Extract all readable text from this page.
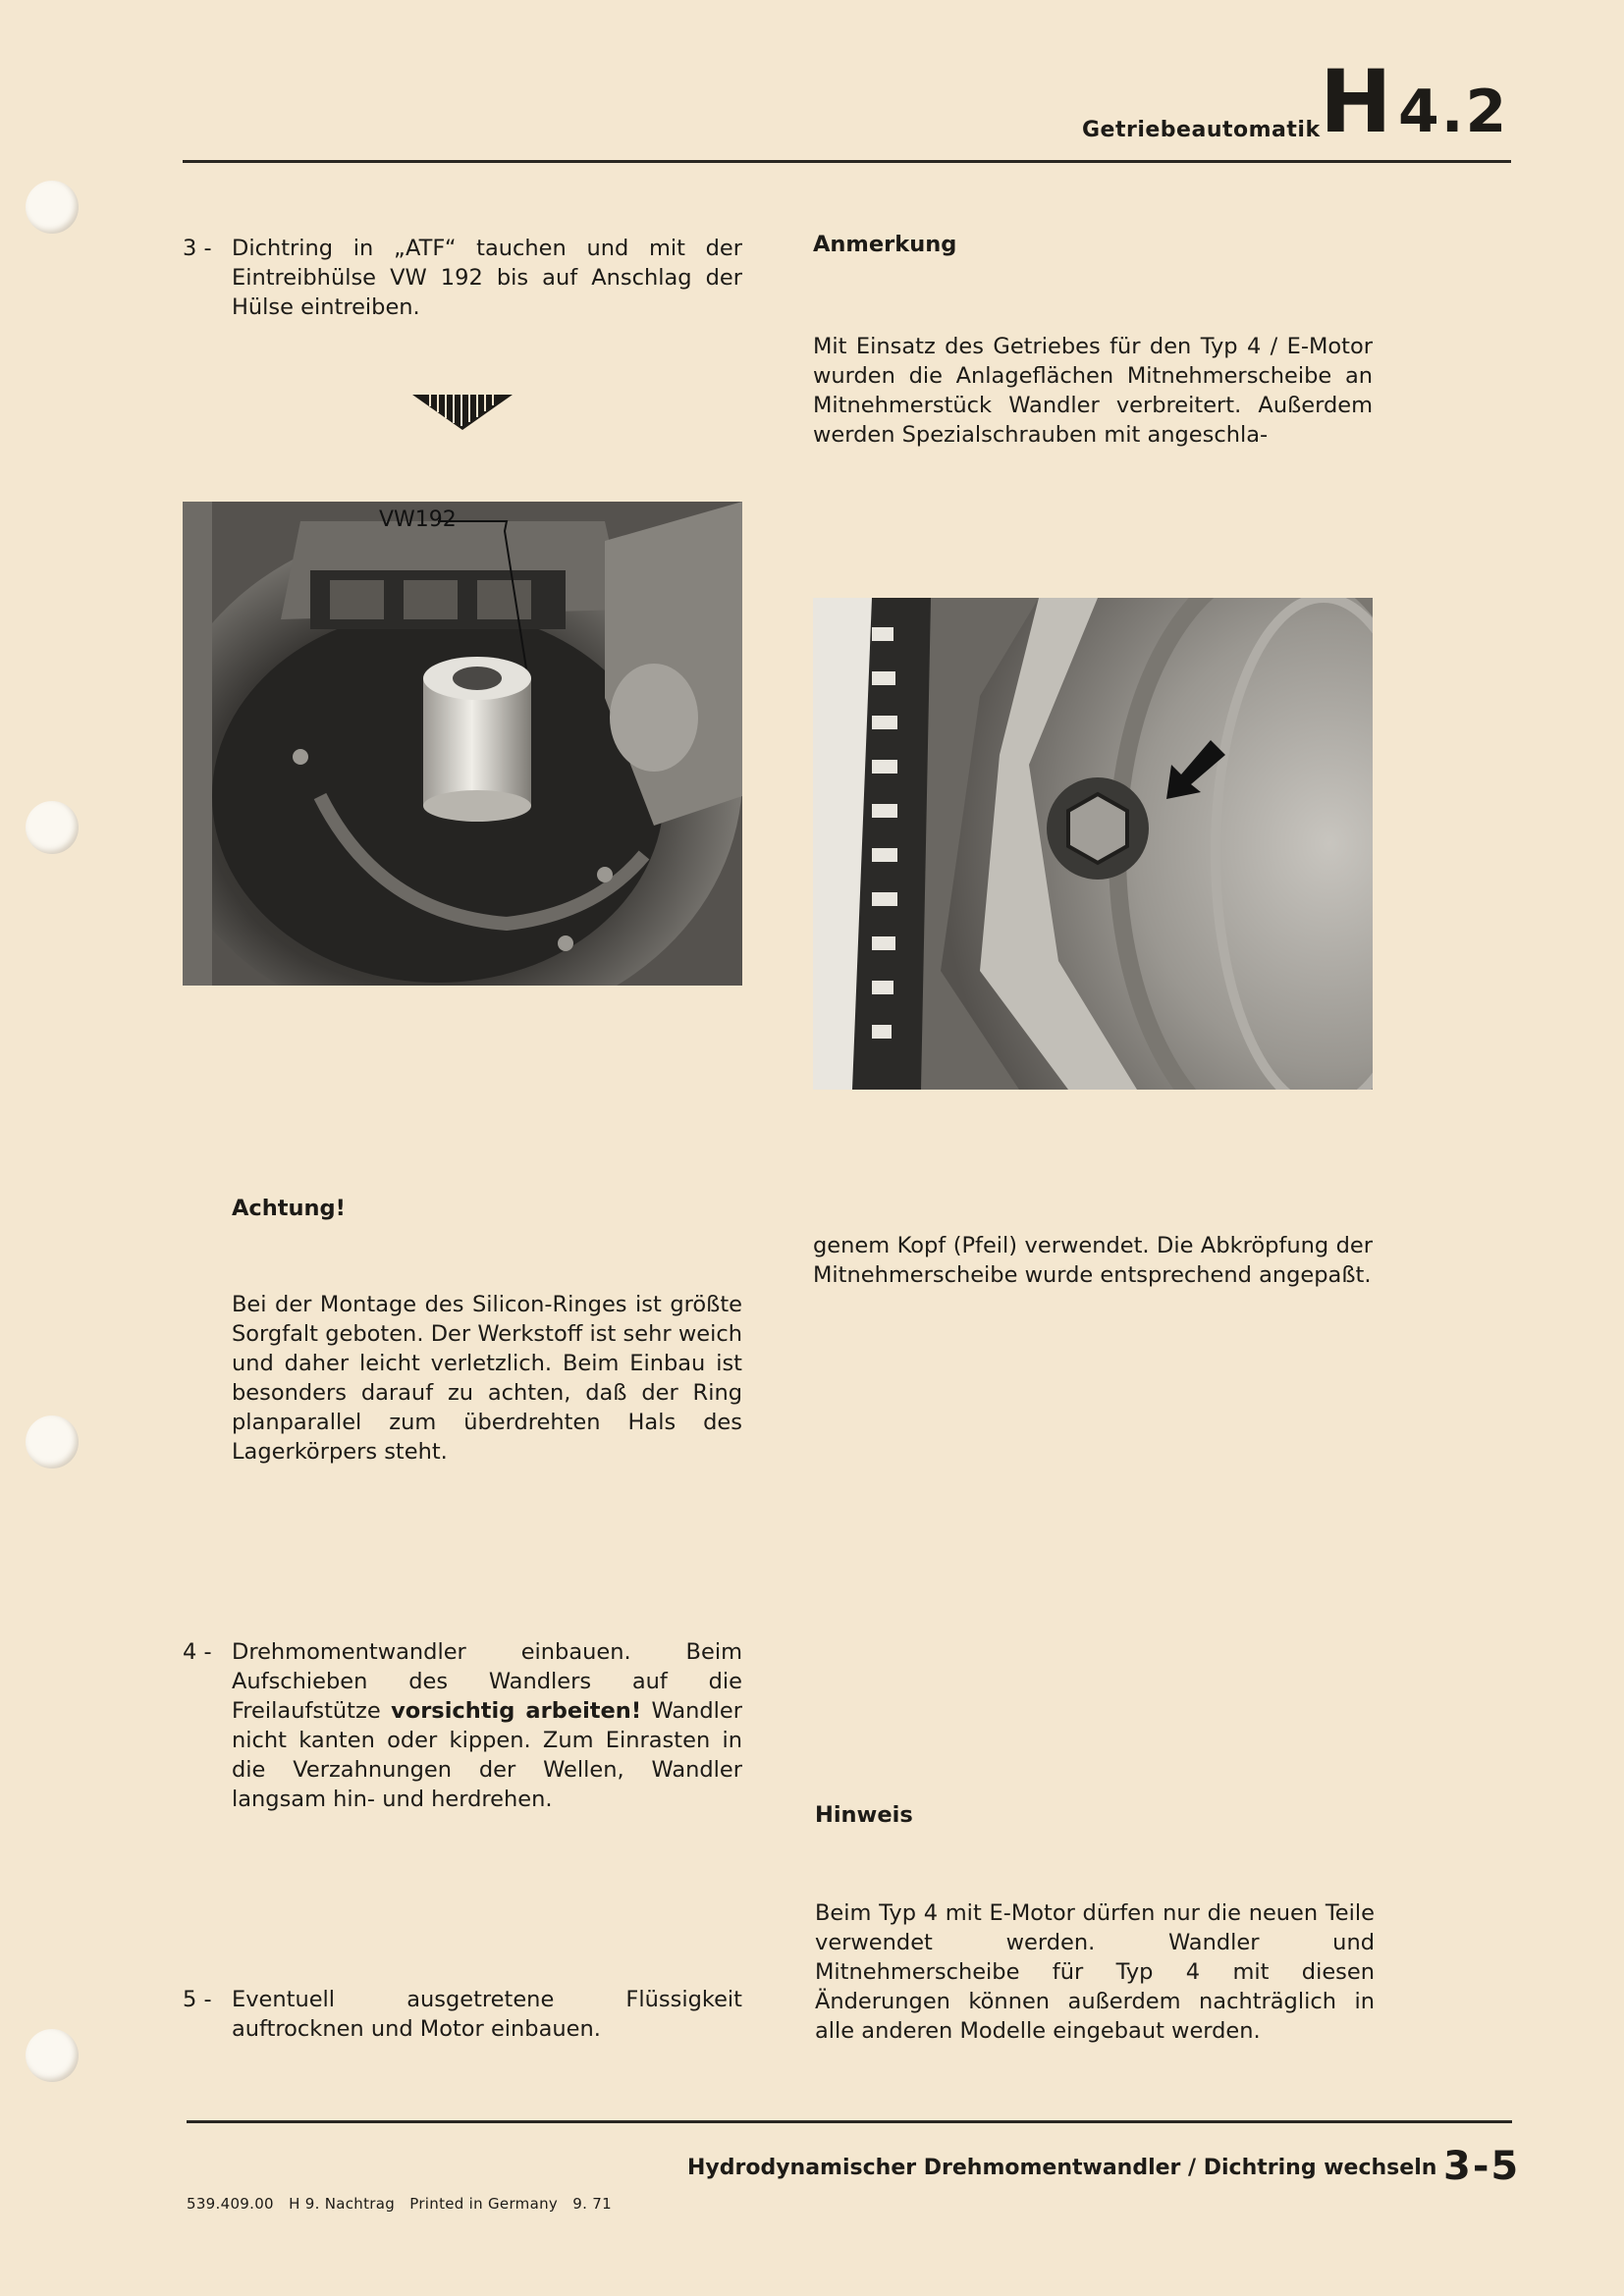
Getriebeautomatik H 4.2
3 - Dichtring in „ATF“ tauchen und mit der Eintreibhülse VW 192 bis auf Anschlag der Hülse eintreiben.
VW192
Achtung!
Bei der Montage des Silicon-Ringes ist größte Sorgfalt geboten. Der Werkstoff ist sehr weich und daher leicht verletzlich. Beim Einbau ist besonders darauf zu achten, daß der Ring planparallel zum überdrehten Hals des Lagerkörpers steht.
4 - Drehmomentwandler einbauen. Beim Aufschieben des Wandlers auf die Freilaufstütze vorsichtig arbeiten! Wandler nicht kanten oder kippen. Zum Einrasten in die Verzahnungen der Wellen, Wandler langsam hin- und herdrehen.
5 - Eventuell ausgetretene Flüssigkeit auftrocknen und Motor einbauen.
Anmerkung
Mit Einsatz des Getriebes für den Typ 4 / E-Motor wurden die Anlageflächen Mitnehmerscheibe an Mitnehmerstück Wandler verbreitert. Außerdem werden Spezialschrauben mit angeschla-
genem Kopf (Pfeil) verwendet. Die Abkröpfung der Mitnehmerscheibe wurde entsprechend angepaßt.
Hinweis
Beim Typ 4 mit E-Motor dürfen nur die neuen Teile verwendet werden. Wandler und Mitnehmerscheibe für Typ 4 mit diesen Änderungen können außerdem nachträglich in alle anderen Modelle eingebaut werden.
Hydrodynamischer Drehmomentwandler / Dichtring wechseln 3-5
539.409.00   H 9. Nachtrag   Printed in Germany   9. 71
